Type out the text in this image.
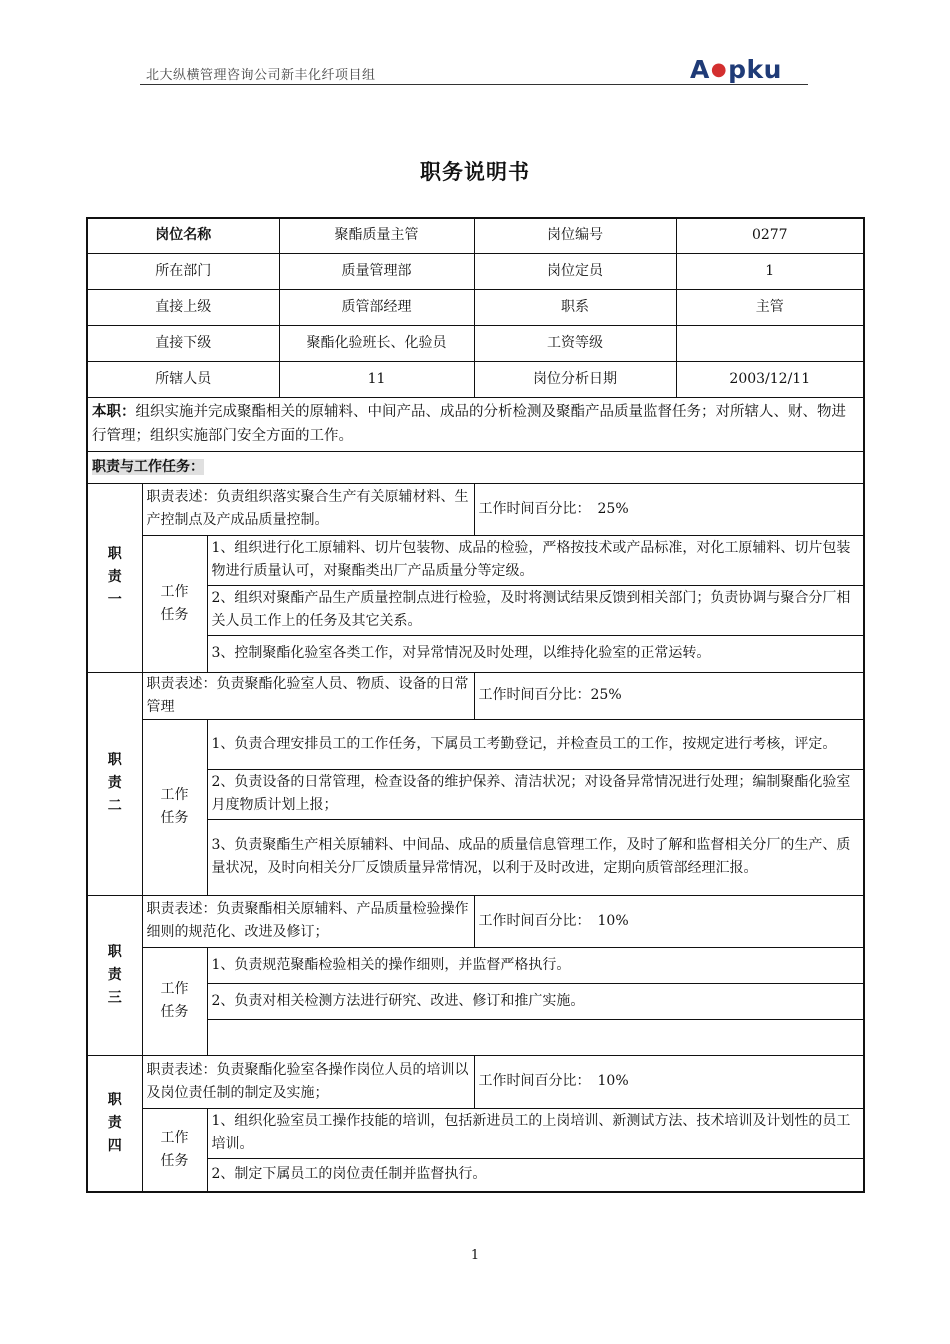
北大纵横管理咨询公司新丰化纤项目组	A●pku
职务说明书
岗位名称			聚酯质量主管	岗位编号	0277
所在部门			质量管理部	岗位定员	1
直接上级			质管部经理	职系	主管
直接下级			聚酯化验班长、化验员	工资等级	
所辖人员			11	岗位分析日期	2003/12/11
本职：组织实施并完成聚酯相关的原辅料、中间产品、成品的分析检测及聚酯产品质量监督任务；对所辖人、财、物进行管理；组织实施部门安全方面的工作。					
职责与工作任务：					

职
责
一	职责表述：负责组织落实聚合生产有关原辅材料、生产控制点及产成品质量控制。			工作时间百分比：　25%	
	工作
任务	1、组织进行化工原辅料、切片包装物、成品的检验，严格按技术或产品标准，对化工原辅料、切片包装物进行质量认可，对聚酯类出厂产品质量分等定级。			
		2、组织对聚酯产品生产质量控制点进行检验，及时将测试结果反馈到相关部门；负责协调与聚合分厂相关人员工作上的任务及其它关系。			
		3、控制聚酯化验室各类工作，对异常情况及时处理，以维持化验室的正常运转。			

职
责
二	职责表述：负责聚酯化验室人员、物质、设备的日常管理			工作时间百分比：25%	
	工作
任务	1、负责合理安排员工的工作任务，下属员工考勤登记，并检查员工的工作，按规定进行考核，评定。			
		2、负责设备的日常管理，检查设备的维护保养、清洁状况；对设备异常情况进行处理；编制聚酯化验室月度物质计划上报；			
		3、负责聚酯生产相关原辅料、中间品、成品的质量信息管理工作，及时了解和监督相关分厂的生产、质量状况，及时向相关分厂反馈质量异常情况，以利于及时改进，定期向质管部经理汇报。			

职
责
三	职责表述：负责聚酯相关原辅料、产品质量检验操作细则的规范化、改进及修订；			工作时间百分比：　10%	
	工作
任务	1、负责规范聚酯检验相关的操作细则，并监督严格执行。			
		2、负责对相关检测方法进行研究、改进、修订和推广实施。			

职
责
四	职责表述：负责聚酯化验室各操作岗位人员的培训以及岗位责任制的制定及实施；			工作时间百分比：　10%	
	工作
任务	1、组织化验室员工操作技能的培训，包括新进员工的上岗培训、新测试方法、技术培训及计划性的员工培训。			
		2、制定下属员工的岗位责任制并监督执行。			
1
